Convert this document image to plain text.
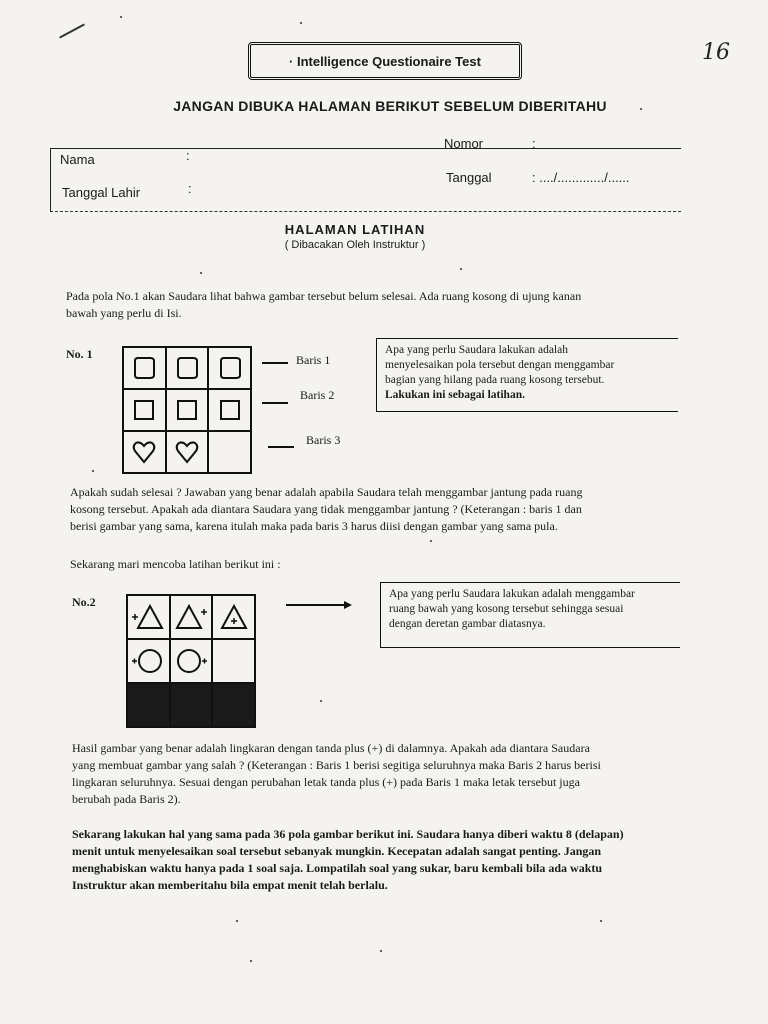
16
· Intelligence Questionaire Test
JANGAN DIBUKA HALAMAN BERIKUT SEBELUM DIBERITAHU
Nama	:
Nomor	:
Tanggal Lahir	:
Tanggal	: ..../............./......
HALAMAN LATIHAN
( Dibacakan Oleh Instruktur )
Pada pola No.1 akan Saudara lihat bahwa gambar tersebut belum selesai. Ada ruang kosong di ujung kanan
bawah yang perlu di Isi.
No. 1	Baris 1
Baris 2
Baris 3
Apa yang perlu Saudara lakukan adalah
menyelesaikan pola tersebut dengan menggambar
bagian yang hilang pada ruang kosong tersebut.
Lakukan ini sebagai latihan.
Apakah sudah selesai ? Jawaban yang benar adalah apabila Saudara telah menggambar jantung pada ruang
kosong tersebut. Apakah ada diantara Saudara yang tidak menggambar jantung ? (Keterangan : baris 1 dan
berisi gambar yang sama, karena itulah maka pada baris 3 harus diisi dengan gambar yang sama pula.
Sekarang mari mencoba latihan berikut ini :
No.2
Apa yang perlu Saudara lakukan adalah menggambar
ruang bawah yang kosong tersebut sehingga sesuai
dengan deretan gambar diatasnya.
Hasil gambar yang benar adalah lingkaran dengan tanda plus (+) di dalamnya. Apakah ada diantara Saudara
yang membuat gambar yang salah ? (Keterangan : Baris 1 berisi segitiga seluruhnya maka Baris 2 harus berisi
lingkaran seluruhnya. Sesuai dengan perubahan letak tanda plus (+) pada Baris 1 maka letak tersebut juga
berubah pada Baris 2).
Sekarang lakukan hal yang sama pada 36 pola gambar berikut ini. Saudara hanya diberi waktu 8 (delapan)
menit untuk menyelesaikan soal tersebut sebanyak mungkin. Kecepatan adalah sangat penting. Jangan
menghabiskan waktu hanya pada 1 soal saja. Lompatilah soal yang sukar, baru kembali bila ada waktu
Instruktur akan memberitahu bila empat menit telah berlalu.
